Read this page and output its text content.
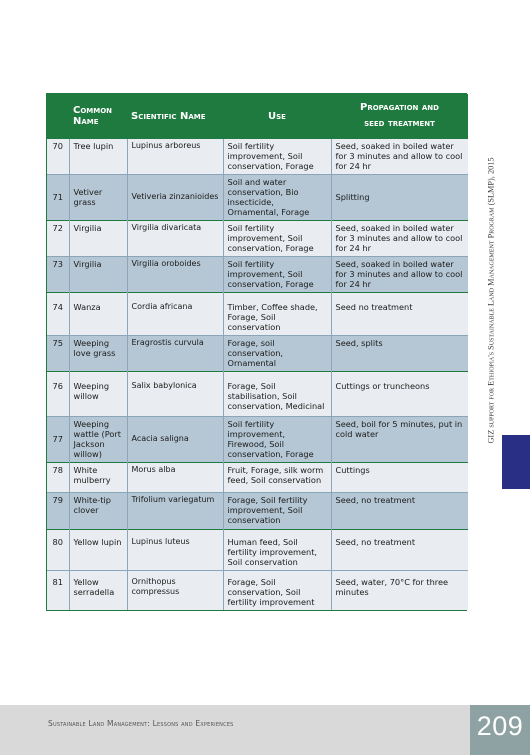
	Common Name	Scientific Name	Use	Propagation and
seed treatment
70	Tree lupin	Lupinus arboreus	Soil fertility improvement, Soil conservation, Forage	Seed, soaked in boiled water for 3 minutes and allow to cool for 24 hr
71	Vetiver grass	Vetiveria zinzanioides	Soil and water conservation, Bio insecticide, Ornamental, Forage	Splitting
72	Virgilia	Virgilia divaricata	Soil fertility improvement, Soil conservation, Forage	Seed, soaked in boiled water for 3 minutes and allow to cool for 24 hr
73	Virgilia	Virgilia oroboides	Soil fertility improvement, Soil conservation, Forage	Seed, soaked in boiled water for 3 minutes and allow to cool for 24 hr
74	Wanza	Cordia africana	Timber, Coffee shade, Forage, Soil conservation	Seed no treatment
75	Weeping love grass	Eragrostis curvula	Forage, soil conservation, Ornamental	Seed, splits
76	Weeping willow	Salix babylonica	Forage, Soil stabilisation, Soil conservation, Medicinal	Cuttings or truncheons
77	Weeping wattle (Port Jackson willow)	Acacia saligna	Soil fertility improvement, Firewood, Soil conservation, Forage	Seed, boil for 5 minutes, put in cold water
78	White mulberry	Morus alba	Fruit, Forage, silk worm feed, Soil conservation	Cuttings
79	White-tip clover	Trifolium variegatum	Forage, Soil fertility improvement, Soil conservation	Seed, no treatment
80	Yellow lupin	Lupinus luteus	Human feed, Soil fertility improvement, Soil conservation	Seed, no treatment
81	Yellow serradella	Ornithopus compressus	Forage, Soil conservation, Soil fertility improvement	Seed, water, 70°C for three minutes
GIZ support for Ethiopia's Sustainable Land Management Program (SLMP), 2015
Sustainable Land Management: Lessons and Experiences	209
